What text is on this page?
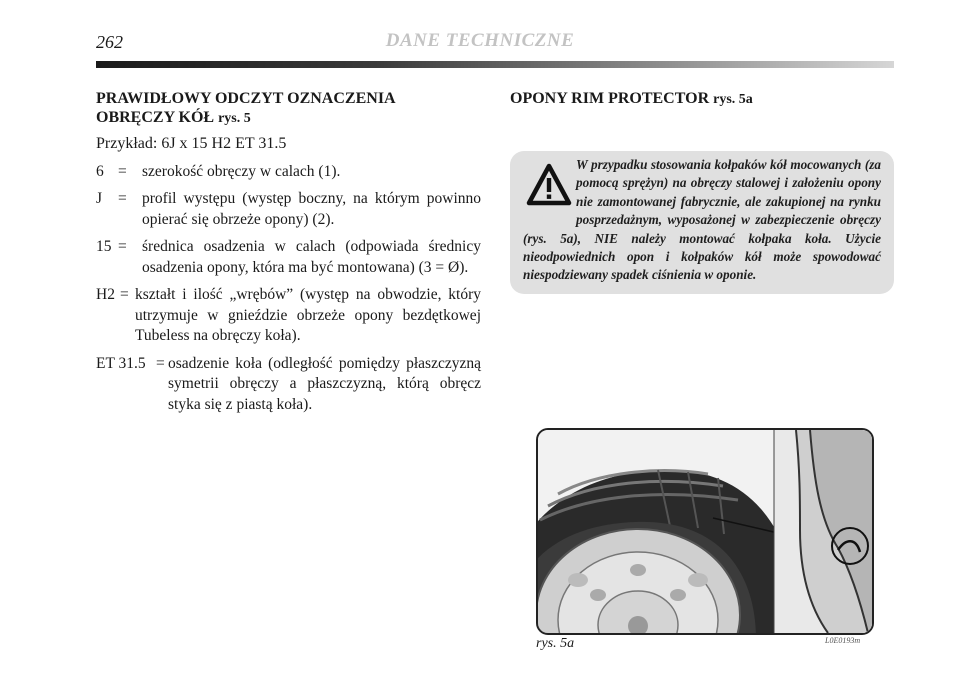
262	DANE TECHNICZNE

PRAWIDŁOWY ODCZYT OZNACZENIA
OBRĘCZY KÓŁ rys. 5

Przykład: 6J x 15 H2 ET 31.5
6 = szerokość obręczy w calach (1).
J	= profil występu (występ boczny, na którym powinno opierać się obrzeże opony) (2).
15 = średnica osadzenia w calach (odpowiada średnicy osadzenia opony, która ma być montowana) (3 = Ø).
H2 = kształt i ilość „wrębów” (występ na obwodzie, który utrzymuje w gnieździe obrzeże opony bezdętkowej Tubeless na obręczy koła).
ET 31.5 = osadzenie koła (odległość pomiędzy płaszczyzną symetrii obręczy a płaszczyzną, którą obręcz styka się z piastą koła).

OPONY RIM PROTECTOR rys. 5a

W przypadku stosowania kołpaków kół mocowanych (za pomocą sprężyn) na obręczy stalowej i założeniu opony nie zamontowanej fabrycznie, ale zakupionej na rynku posprzedażnym, wyposażonej w zabezpieczenie obręczy (rys. 5a), NIE należy montować kołpaka koła. Użycie nieodpowiednich opon i kołpaków kół może spowodować niespodziewany spadek ciśnienia w oponie.
rys. 5a	L0E0193m
